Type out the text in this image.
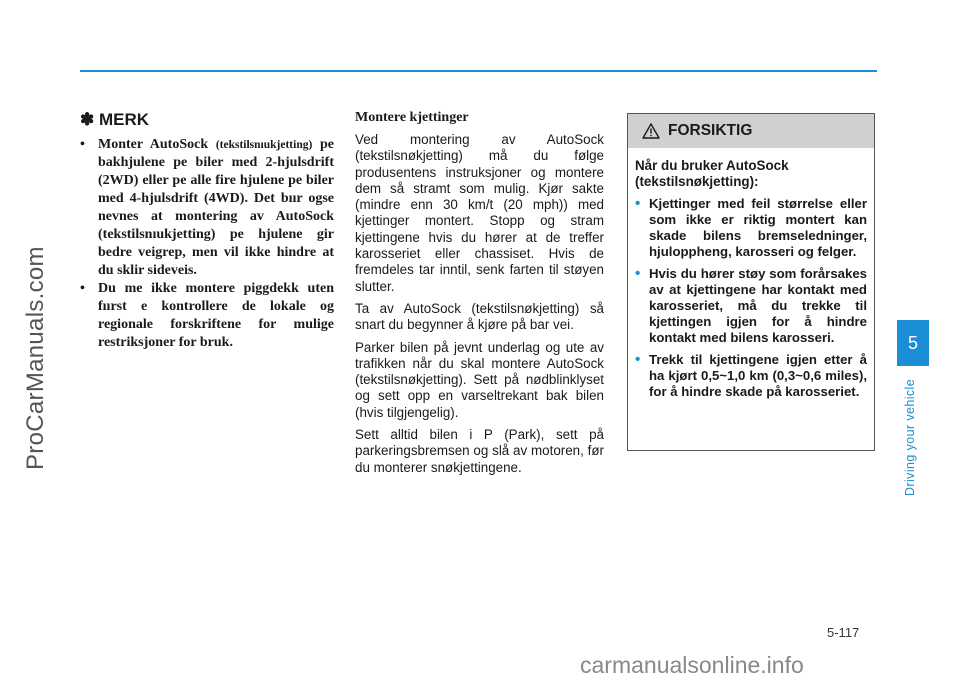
ProCarManuals.com
✽ MERK
• Monter AutoSock (tekstilsnıukjetting) pe bakhjulene pe biler med 2-hjulsdrift (2WD) eller pe alle fire hjulene pe biler med 4-hjulsdrift (4WD). Det bıır ogse nevnes at montering av AutoSock (tekstilsnıukjetting) pe hjulene gir bedre veigrep, men vil ikke hindre at du sklir sideveis.
• Du me ikke montere piggdekk uten fıırst e kontrollere de lokale og regionale forskriftene for mulige restriksjoner for bruk.
Montere kjettinger

Ved montering av AutoSock (tekstilsnøkjetting) må du følge produsentens instruksjoner og montere dem så stramt som mulig. Kjør sakte (mindre enn 30 km/t (20 mph)) med kjettinger montert. Stopp og stram kjettingene hvis du hører at de treffer karosseriet eller chassiset. Hvis de fremdeles tar inntil, senk farten til støyen slutter.

Ta av AutoSock (tekstilsnøkjetting) så snart du begynner å kjøre på bar vei.

Parker bilen på jevnt underlag og ute av trafikken når du skal montere AutoSock (tekstilsnøkjetting). Sett på nødblinklyset og sett opp en varseltrekant bak bilen (hvis tilgjengelig).

Sett alltid bilen i P (Park), sett på parkeringsbremsen og slå av motoren, før du monterer snøkjettingene.

FORSIKTIG

Når du bruker AutoSock (tekstilsnøkjetting):

• Kjettinger med feil størrelse eller som ikke er riktig montert kan skade bilens bremseledninger, hjuloppheng, karosseri og felger.
• Hvis du hører støy som forårsakes av at kjettingene har kontakt med karosseriet, må du trekke til kjettingen igjen for å hindre kontakt med bilens karosseri.
• Trekk til kjettingene igjen etter å ha kjørt 0,5~1,0 km (0,3~0,6 miles), for å hindre skade på karosseriet.
5
Driving your vehicle
5-117
carmanualsonline.info
